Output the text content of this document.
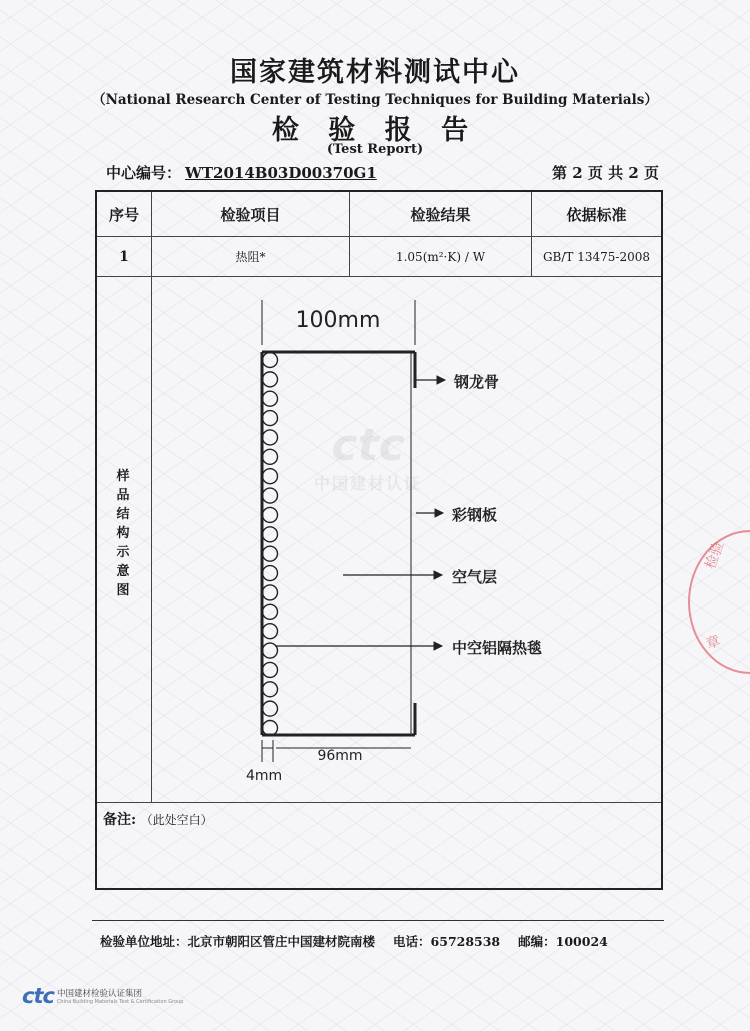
国家建筑材料测试中心
（National Research Center of Testing Techniques for Building Materials）
检 验 报 告
(Test Report)
中心编号： WT2014B03D00370G1	第 2 页 共 2 页
序号	检验项目	检验结果	依据标准
1	热阻*	1.05(m²·K) / W	GB/T 13475-2008
样品结构示意图
备注: （此处空白）
ctc
中国建材认证
100mm
96mm
4mm
钢龙骨
彩钢板
空气层
中空铝隔热毯
检验单位地址：北京市朝阳区管庄中国建材院南楼 电话：65728538 邮编：100024
ctc 中国建材检验认证集团
China Building Materials Test & Certification Group
检验
章
